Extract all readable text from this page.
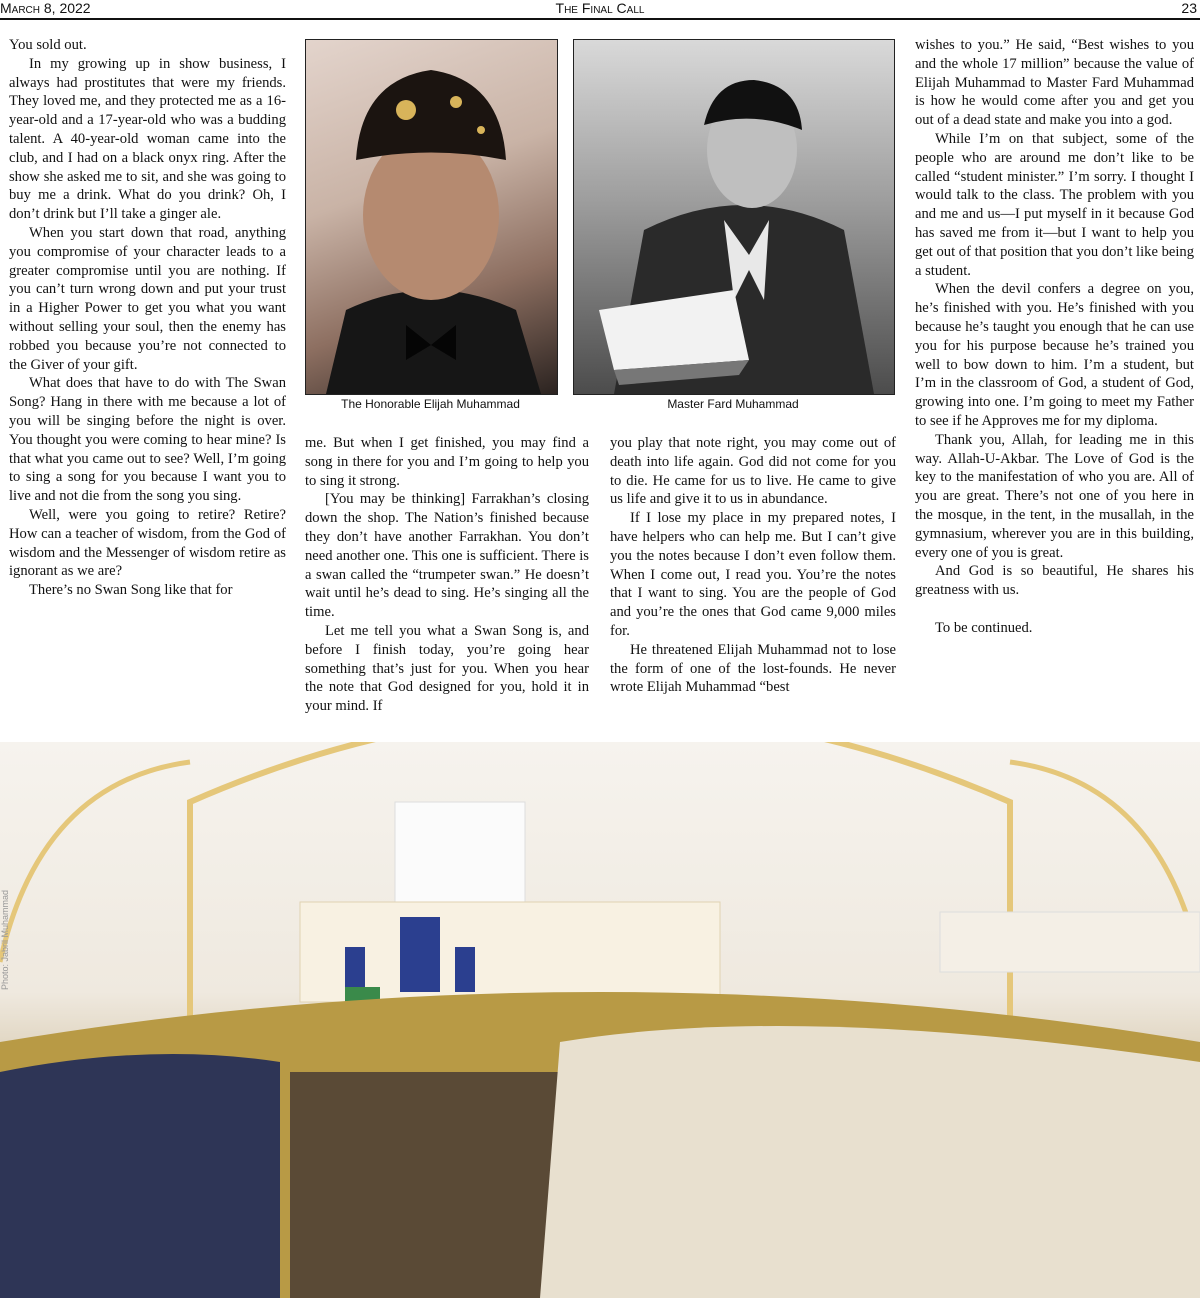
March 8, 2022	The Final Call	23

You sold out.

In my growing up in show business, I always had prostitutes that were my friends. They loved me, and they protected me as a 16-year-old and a 17-year-old who was a budding talent. A 40-year-old woman came into the club, and I had on a black onyx ring. After the show she asked me to sit, and she was going to buy me a drink. What do you drink? Oh, I don’t drink but I’ll take a ginger ale.

When you start down that road, anything you compromise of your character leads to a greater compromise until you are nothing. If you can’t turn wrong down and put your trust in a Higher Power to get you what you want without selling your soul, then the enemy has robbed you because you’re not connected to the Giver of your gift.

What does that have to do with The Swan Song? Hang in there with me because a lot of you will be singing before the night is over. You thought you were coming to hear mine? Is that what you came out to see? Well, I’m going to sing a song for you because I want you to live and not die from the song you sing.

Well, were you going to retire? Retire? How can a teacher of wisdom, from the God of wisdom and the Messenger of wisdom retire as ignorant as we are?

There’s no Swan Song like that for

The Honorable Elijah Muhammad	Master Fard Muhammad

me. But when I get finished, you may find a song in there for you and I’m going to help you to sing it strong.

[You may be thinking] Farrakhan’s closing down the shop. The Nation’s finished because they don’t have another Farrakhan. You don’t need another one. This one is sufficient. There is a swan called the “trumpeter swan.” He doesn’t wait until he’s dead to sing. He’s singing all the time.

Let me tell you what a Swan Song is, and before I finish today, you’re going hear something that’s just for you. When you hear the note that God designed for you, hold it in your mind. If

you play that note right, you may come out of death into life again. God did not come for you to die. He came for us to live. He came to give us life and give it to us in abundance.

If I lose my place in my prepared notes, I have helpers who can help me. But I can’t give you the notes because I don’t even follow them. When I come out, I read you. You’re the notes that I want to sing. You are the people of God and you’re the ones that God came 9,000 miles for.

He threatened Elijah Muhammad not to lose the form of one of the lost-founds. He never wrote Elijah Muhammad “best

wishes to you.” He said, “Best wishes to you and the whole 17 million” because the value of Elijah Muhammad to Master Fard Muhammad is how he would come after you and get you out of a dead state and make you into a god.

While I’m on that subject, some of the people who are around me don’t like to be called “student minister.” I’m sorry. I thought I would talk to the class. The problem with you and me and us—I put myself in it because God has saved me from it—but I want to help you get out of that position that you don’t like being a student.

When the devil confers a degree on you, he’s finished with you. He’s finished with you because he’s taught you enough that he can use you for his purpose because he’s trained you well to bow down to him. I’m a student, but I’m in the classroom of God, a student of God, growing into one. I’m going to meet my Father to see if he Approves me for my diploma.

Thank you, Allah, for leading me in this way. Allah-U-Akbar. The Love of God is the key to the manifestation of who you are. All of you are great. There’s not one of you here in the mosque, in the tent, in the musallah, in the gymnasium, wherever you are in this building, every one of you is great.

And God is so beautiful, He shares his greatness with us.

To be continued.

Photo: Jabril Muhammad
